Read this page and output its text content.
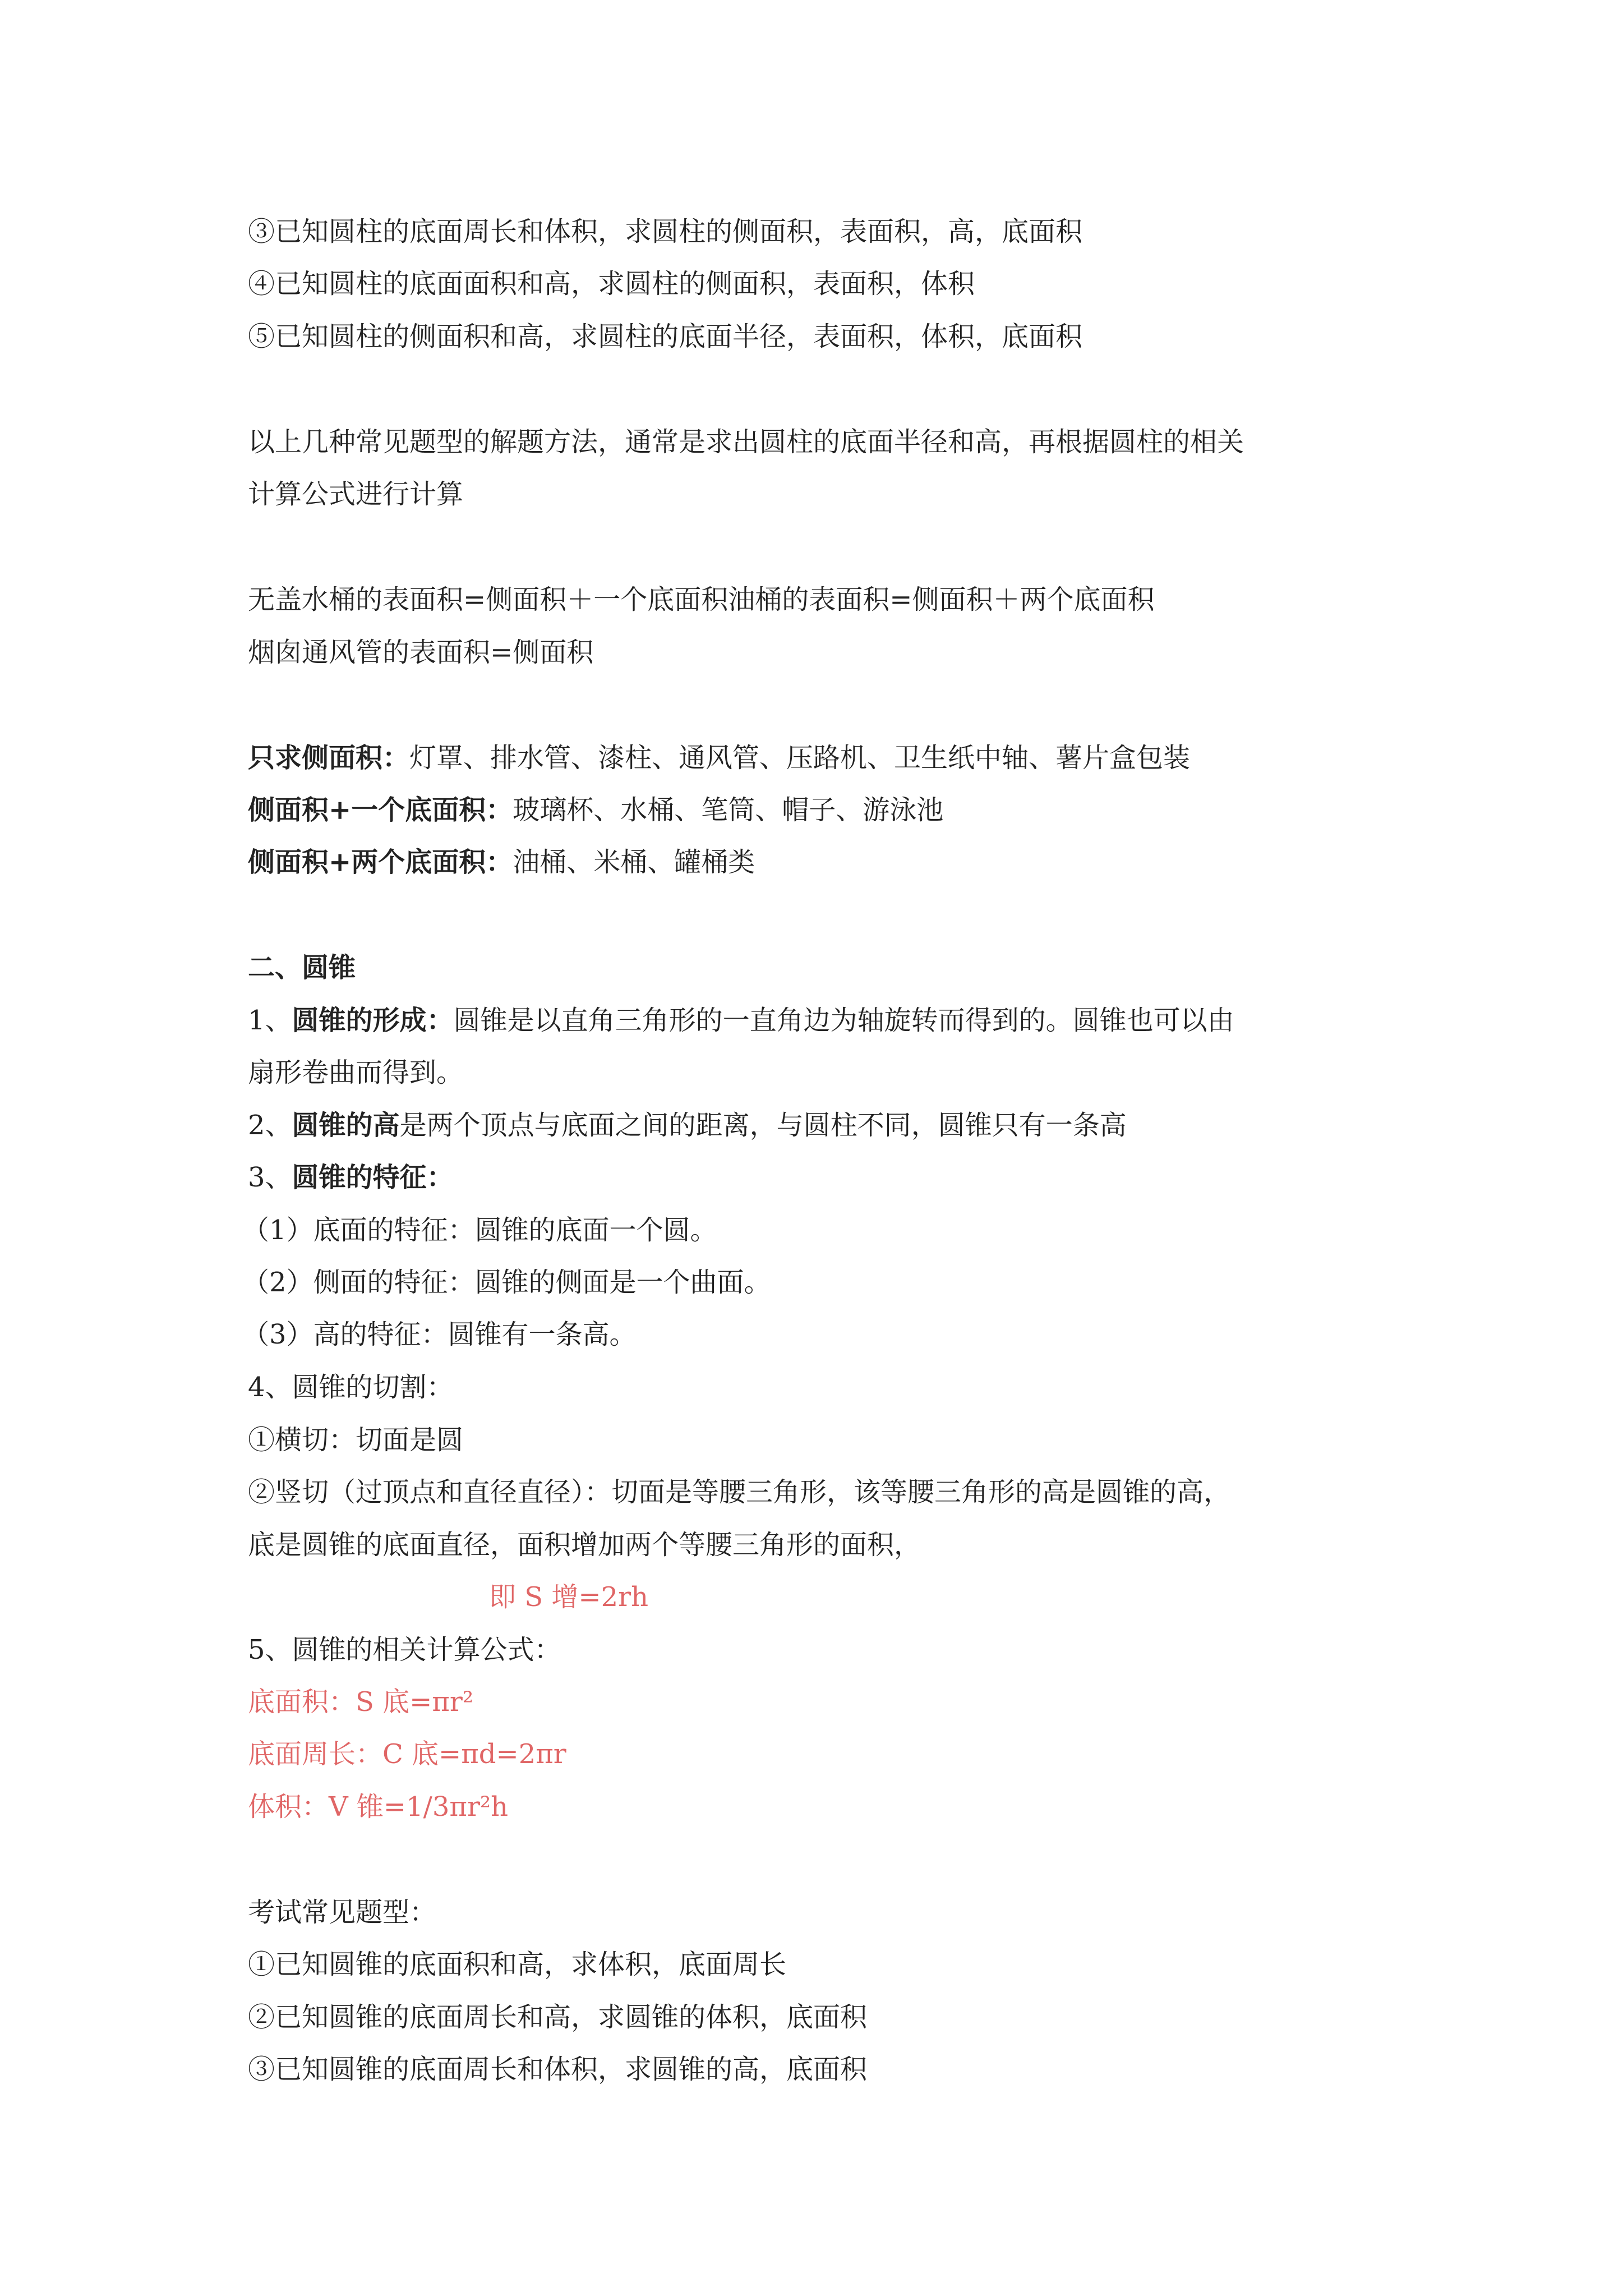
③已知圆柱的底面周长和体积，求圆柱的侧面积，表面积，高，底面积
④已知圆柱的底面面积和高，求圆柱的侧面积，表面积，体积
⑤已知圆柱的侧面积和高，求圆柱的底面半径，表面积，体积，底面积
以上几种常见题型的解题方法，通常是求出圆柱的底面半径和高，再根据圆柱的相关
计算公式进行计算
无盖水桶的表面积=侧面积＋一个底面积油桶的表面积=侧面积＋两个底面积
烟囱通风管的表面积=侧面积
只求侧面积：灯罩、排水管、漆柱、通风管、压路机、卫生纸中轴、薯片盒包装
侧面积+一个底面积：玻璃杯、水桶、笔筒、帽子、游泳池
侧面积+两个底面积：油桶、米桶、罐桶类
二、圆锥
1、圆锥的形成：圆锥是以直角三角形的一直角边为轴旋转而得到的。圆锥也可以由
扇形卷曲而得到。
2、圆锥的高是两个顶点与底面之间的距离，与圆柱不同，圆锥只有一条高
3、圆锥的特征：
（1）底面的特征：圆锥的底面一个圆。
（2）侧面的特征：圆锥的侧面是一个曲面。
（3）高的特征：圆锥有一条高。
4、圆锥的切割：
①横切：切面是圆
②竖切（过顶点和直径直径）：切面是等腰三角形，该等腰三角形的高是圆锥的高，
底是圆锥的底面直径，面积增加两个等腰三角形的面积，
即 S 增=2rh
5、圆锥的相关计算公式：
底面积：S 底=πr²
底面周长：C 底=πd=2πr
体积：V 锥=1/3πr²h
考试常见题型：
①已知圆锥的底面积和高，求体积，底面周长
②已知圆锥的底面周长和高，求圆锥的体积，底面积
③已知圆锥的底面周长和体积，求圆锥的高，底面积
